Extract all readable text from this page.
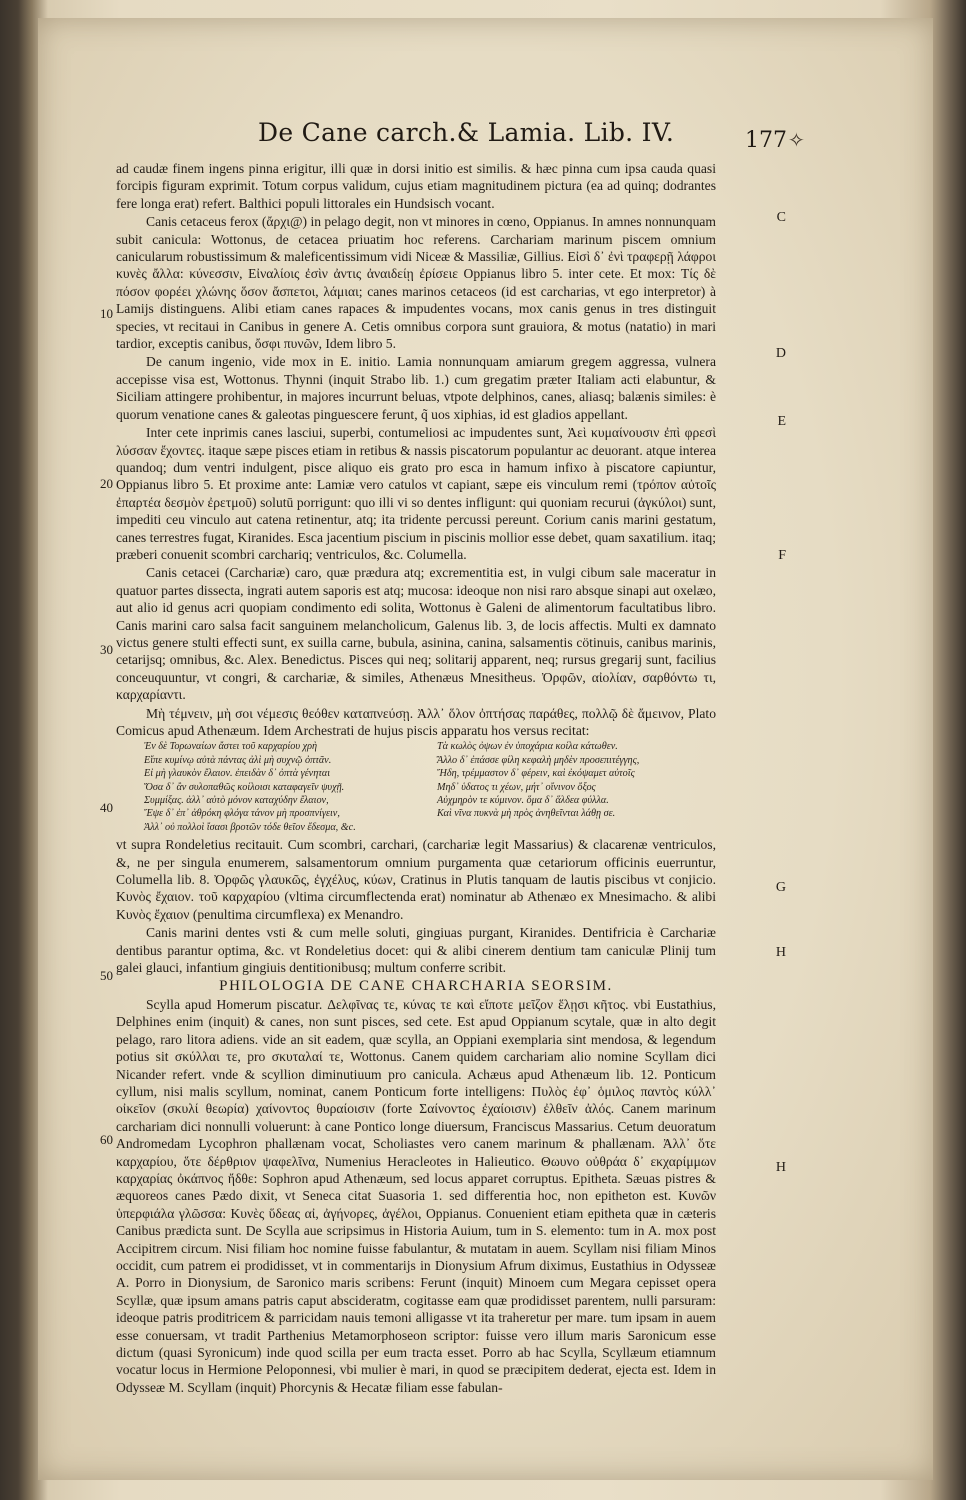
De Cane carch.& Lamia. Lib. IV.	177 ✧
C
D
E
F
G
H
H
10
20
30
40
50
60

ad caudæ finem ingens pinna erigitur, illi quæ in dorsi initio est similis. & hæc pinna cum ipsa cauda quasi forcipis figuram exprimit. Totum corpus validum, cujus etiam magnitudinem pictura (ea ad quinq; dodrantes fere longa erat) refert. Balthici populi littorales ein Hundsisch vocant.

Canis cetaceus ferox (ἄρχι@) in pelago degit, non vt minores in cœno, Oppianus. In amnes nonnunquam subit canicula: Wottonus, de cetacea priuatim hoc referens. Carchariam marinum piscem omnium canicularum robustissimum & maleficentissimum vidi Niceæ & Massiliæ, Gillius. Εἰσὶ δ᾽ ἐνὶ τραφερῇ λάφροι κυνὲς ἄλλα: κύνεσσιν, Εἰναλίοις ἐσὶν ἀντις ἀναιδείῃ ἐρίσειε Oppianus libro 5. inter cete. Et mox: Τίς δὲ πόσον φορέει χλώνης ὅσον ἄσπετοι, λάμιαι; canes marinos cetaceos (id est carcharias, vt ego interpretor) à Lamijs distinguens. Alibi etiam canes rapaces & impudentes vocans, mox canis genus in tres distinguit species, vt recitaui in Canibus in genere A. Cetis omnibus corpora sunt grauiora, & motus (natatio) in mari tardior, exceptis canibus, ὄσφι πυνῶν, Idem libro 5.

De canum ingenio, vide mox in E. initio. Lamia nonnunquam amiarum gregem aggressa, vulnera accepisse visa est, Wottonus. Thynni (inquit Strabo lib. 1.) cum gregatim præter Italiam acti elabuntur, & Siciliam attingere prohibentur, in majores incurrunt beluas, vtpote delphinos, canes, aliasq; balænis similes: è quorum venatione canes & galeotas pinguescere ferunt, q̃ uos xiphias, id est gladios appellant.

Inter cete inprimis canes lasciui, superbi, contumeliosi ac impudentes sunt, Ἀεὶ κυμαίνουσιν ἐπὶ φρεσὶ λύσσαν ἔχοντες. itaque sæpe pisces etiam in retibus & nassis piscatorum populantur ac deuorant. atque interea quandoq; dum ventri indulgent, pisce aliquo eis grato pro esca in hamum infixo à piscatore capiuntur, Oppianus libro 5. Et proxime ante: Lamiæ vero catulos vt capiant, sæpe eis vinculum remi (τρόπον αὐτοῖς ἐπαρτέα δεσμὸν ἐρετμοῦ) solutū porrigunt: quo illi vi so dentes infligunt: qui quoniam recurui (ἀγκύλοι) sunt, impediti ceu vinculo aut catena retinentur, atq; ita tridente percussi pereunt. Corium canis marini gestatum, canes terrestres fugat, Kiranides. Esca jacentium piscium in piscinis mollior esse debet, quam saxatilium. itaq; præberi conuenit scombri carchariq; ventriculos, &c. Columella.

Canis cetacei (Carchariæ) caro, quæ prædura atq; excrementitia est, in vulgi cibum sale maceratur in quatuor partes dissecta, ingrati autem saporis est atq; mucosa: ideoque non nisi raro absque sinapi aut oxelæo, aut alio id genus acri quopiam condimento edi solita, Wottonus è Galeni de alimentorum facultatibus libro. Canis marini caro salsa facit sanguinem melancholicum, Galenus lib. 3, de locis affectis. Multi ex damnato victus genere stulti effecti sunt, ex suilla carne, bubula, asinina, canina, salsamentis cötinuis, canibus marinis, cetarijsq; omnibus, &c. Alex. Benedictus. Pisces qui neq; solitarij apparent, neq; rursus gregarij sunt, facilius conceuquuntur, vt congri, & carchariæ, & similes, Athenæus Mnesitheus. Ὀρφῶν, αἰολίαν, σαρθόντω τι, καρχαρίαντι.

Μὴ τέμνειν, μὴ σοι νέμεσις θεόθεν καταπνεύσῃ. Ἀλλ᾽ ὅλον ὀπτήσας παράθες, πολλῷ δὲ ἄμεινον, Plato Comicus apud Athenæum. Idem Archestrati de hujus piscis apparatu hos versus recitat:

Ἐν δὲ Τορωναίων ἄστει τοῦ καρχαρίου χρὴ
Εἴπε κυμίνῳ αὐτὰ πάντας ἀλὶ μὴ συχνῷ ὀπτᾶν.
Εἰ μὴ γλαυκὸν ἔλαιον. ἐπειδὰν δ᾽ ὀπτὰ γένηται
Ὅσα δ᾽ ἂν συλοπαθῶς κοίλοισι καταφαγεῖν ψυχῇ.
Συμμίξας. ἀλλ᾽ αὐτὸ μόνον καταχύδην ἔλαιον,
Ἔψε δ᾽ ἐπ᾽ ἀθρόκη φλόγα τάνον μὴ προσπνίγειν,
Ἀλλ᾽ οὐ πολλοὶ ἴσασι βροτῶν τόδε θεῖον ἔδεσμα, &c.
Τὰ κωλὸς ὀψων ἐν ὑποχάρια κοίλα κάτωθεν.
Ἄλλο δ᾽ ἐπάσσε φίλη κεφαλὴ μηδὲν προσεπιτέγγης,
Ἤδη, τρέμμαστον δ᾽ φέρειν, καὶ ἐκόψαμετ αὐτοῖς
Μηδ᾽ ὑδατος τι χέων, μήτ᾽ οἴνινον ὄξος
Αὐχμηρὸν τε κύμινον. ὅμα δ᾽ ἅλδεα φύλλα.
Καὶ νῖνα πυκνὰ μὴ πρὸς ἀνηθεῖνται λάθῃ σε.

vt supra Rondeletius recitauit. Cum scombri, carchari, (carchariæ legit Massarius) & clacarenæ ventriculos, &, ne per singula enumerem, salsamentorum omnium purgamenta quæ cetariorum officinis euerruntur, Columella lib. 8. Ὀρφῶς γλαυκῶς, ἐγχέλυς, κύων, Cratinus in Plutis tanquam de lautis piscibus vt conjicio. Κυνὸς ἔχαιον. τοῦ καρχαρίου (vltima circumflectenda erat) nominatur ab Athenæo ex Mnesimacho. & alibi Κυνὸς ἔχαιον (penultima circumflexa) ex Menandro.

Canis marini dentes vsti & cum melle soluti, gingiuas purgant, Kiranides. Dentifricia è Carchariæ dentibus parantur optima, &c. vt Rondeletius docet: qui & alibi cinerem dentium tam caniculæ Plinij tum galei glauci, infantium gingiuis dentitionibusq; multum conferre scribit.

PHILOLOGIA DE CANE CHARCHARIA SEORSIM.

Scylla apud Homerum piscatur. Δελφῖνας τε, κύνας τε καὶ εἴποτε μεῖζον ἕλῃσι κῆτος. vbi Eustathius, Delphines enim (inquit) & canes, non sunt pisces, sed cete. Est apud Oppianum scytale, quæ in alto degit pelago, raro litora adiens. vide an sit eadem, quæ scylla, an Oppiani exemplaria sint mendosa, & legendum potius sit σκύλλαι τε, pro σκυταλαί τε, Wottonus. Canem quidem carchariam alio nomine Scyllam dici Nicander refert. vnde & scyllion diminutiuum pro canicula. Achæus apud Athenæum lib. 12. Ponticum cyllum, nisi malis scyllum, nominat, canem Ponticum forte intelligens: Πυλὸς ἐφ᾽ ὁμιλος παντὸς κύλλ᾽ οἰκεῖον (σκυλί θεωρία) χαίνοντος θυραίοισιν (forte Σαίνοντος ἐχαίοισιν) ἐλθεῖν ἀλός. Canem marinum carchariam dici nonnulli voluerunt: à cane Pontico longe diuersum, Franciscus Massarius. Cetum deuoratum Andromedam Lycophron phallænam vocat, Scholiastes vero canem marinum & phallænam. Ἀλλ᾽ ὅτε καρχαρίου, ὅτε δέρθριον ψαφελῖνα, Numenius Heracleotes in Halieutico. Θωυνο οὐθράα δ᾽ εκχαρίμμων καρχαρίας ὀκάπνος ἤδθε: Sophron apud Athenæum, sed locus apparet corruptus. Epitheta. Sæuas pistres & æquoreos canes Pædo dixit, vt Seneca citat Suasoria 1. sed differentia hoc, non epitheton est. Κυνῶν ὑπερφιάλα γλῶσσα: Κυνὲς ὕδεας αἰ, ἀγήνορες, ἀγέλοι, Oppianus. Conuenient etiam epitheta quæ in cæteris Canibus prædicta sunt. De Scylla aue scripsimus in Historia Auium, tum in S. elemento: tum in A. mox post Accipitrem circum. Nisi filiam hoc nomine fuisse fabulantur, & mutatam in auem. Scyllam nisi filiam Minos occidit, cum patrem ei prodidisset, vt in commentarijs in Dionysium Afrum diximus, Eustathius in Odysseæ A. Porro in Dionysium, de Saronico maris scribens: Ferunt (inquit) Minoem cum Megara cepisset opera Scyllæ, quæ ipsum amans patris caput abscideratm, cogitasse eam quæ prodidisset parentem, nulli parsuram: ideoque patris proditricem & parricidam nauis temoni alligasse vt ita traheretur per mare. tum ipsam in auem esse conuersam, vt tradit Parthenius Metamorphoseon scriptor: fuisse vero illum maris Saronicum esse dictum (quasi Syronicum) inde quod scilla per eum tracta esset. Porro ab hac Scylla, Scyllæum etiamnum vocatur locus in Hermione Peloponnesi, vbi mulier è mari, in quod se præcipitem dederat, ejecta est. Idem in Odysseæ M. Scyllam (inquit) Phorcynis & Hecatæ filiam esse fabulan-
